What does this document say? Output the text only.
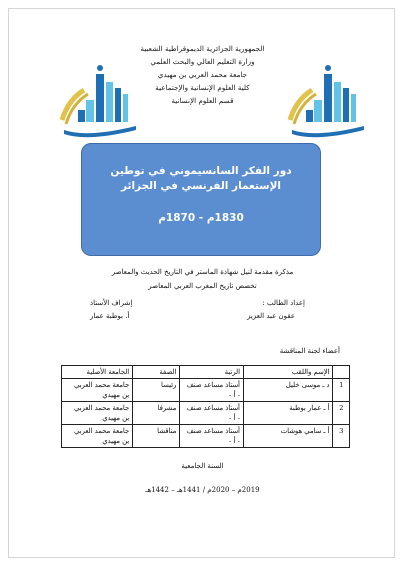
الجمهورية الجزائرية الديموقراطية الشعبية
وزارة التعليم العالي والبحث العلمي
جامعة محمد العربي بن مهيدي
كلية العلوم الإنسانية والإجتماعية
قسم العلوم الإنسانية
دور الفكر السانسيموني في توطين الإستعمار الفرنسي في الجزائر
1830م - 1870م
مذكرة مقدمة لنيل شهادة الماستر في التاريخ الحديث والمعاصر
تخصص تاريخ المغرب العربي المعاصر
إعداد الطالب :
عقون عبد العزيز
إشراف الأستاذ
أ. بوطبة عمار
أعضاء لجنة المناقشة
	الإسم واللقب	الرتبة	الصفة	الجامعة الأصلية
1	د ـ موسى خليل	أستاذ مساعد صنف - أ -	رئيسا	جامعة محمد العربي بن مهيدي
2	أ ـ عمار بوطبة	أستاذ مساعد صنف - أ -	مشرفا	جامعة محمد العربي بن مهيدي
3	أ ـ سامي هوشات	أستاذ مساعد صنف - أ -	مناقشا	جامعة محمد العربي بن مهيدي
السنة الجامعية
2019م – 2020م / 1441هـ – 1442هـ
